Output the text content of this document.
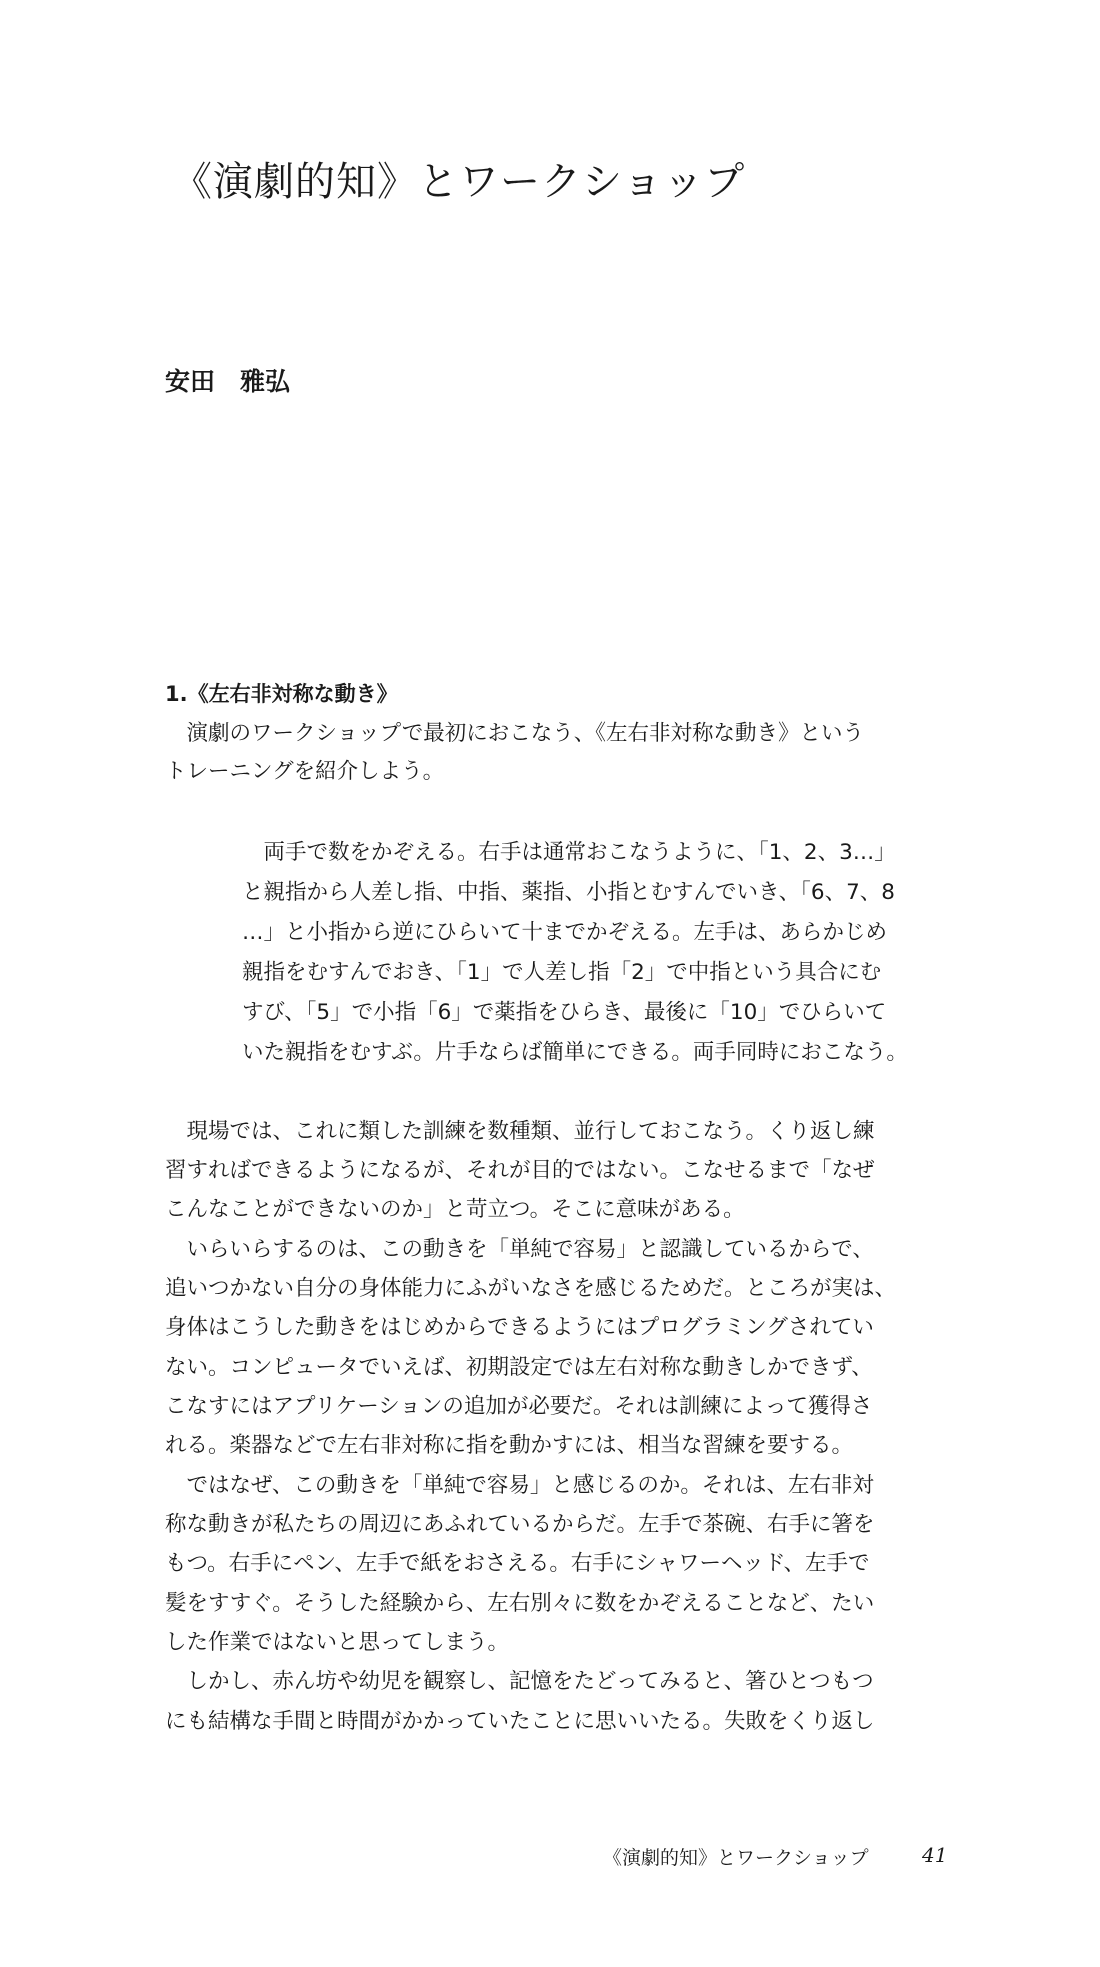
《演劇的知》とワークショップ
安田　雅弘
1.《左右非対称な動き》
　演劇のワークショップで最初におこなう、《左右非対称な動き》という
トレーニングを紹介しよう。
　両手で数をかぞえる。右手は通常おこなうように、「1、2、3…」
と親指から人差し指、中指、薬指、小指とむすんでいき、「6、7、8
…」と小指から逆にひらいて十までかぞえる。左手は、あらかじめ
親指をむすんでおき、「1」で人差し指「2」で中指という具合にむ
すび、「5」で小指「6」で薬指をひらき、最後に「10」でひらいて
いた親指をむすぶ。片手ならば簡単にできる。両手同時におこなう。
　現場では、これに類した訓練を数種類、並行しておこなう。くり返し練
習すればできるようになるが、それが目的ではない。こなせるまで「なぜ
こんなことができないのか」と苛立つ。そこに意味がある。
　いらいらするのは、この動きを「単純で容易」と認識しているからで、
追いつかない自分の身体能力にふがいなさを感じるためだ。ところが実は、
身体はこうした動きをはじめからできるようにはプログラミングされてい
ない。コンピュータでいえば、初期設定では左右対称な動きしかできず、
こなすにはアプリケーションの追加が必要だ。それは訓練によって獲得さ
れる。楽器などで左右非対称に指を動かすには、相当な習練を要する。
　ではなぜ、この動きを「単純で容易」と感じるのか。それは、左右非対
称な動きが私たちの周辺にあふれているからだ。左手で茶碗、右手に箸を
もつ。右手にペン、左手で紙をおさえる。右手にシャワーヘッド、左手で
髪をすすぐ。そうした経験から、左右別々に数をかぞえることなど、たい
した作業ではないと思ってしまう。
　しかし、赤ん坊や幼児を観察し、記憶をたどってみると、箸ひとつもつ
にも結構な手間と時間がかかっていたことに思いいたる。失敗をくり返し
《演劇的知》とワークショップ	41
